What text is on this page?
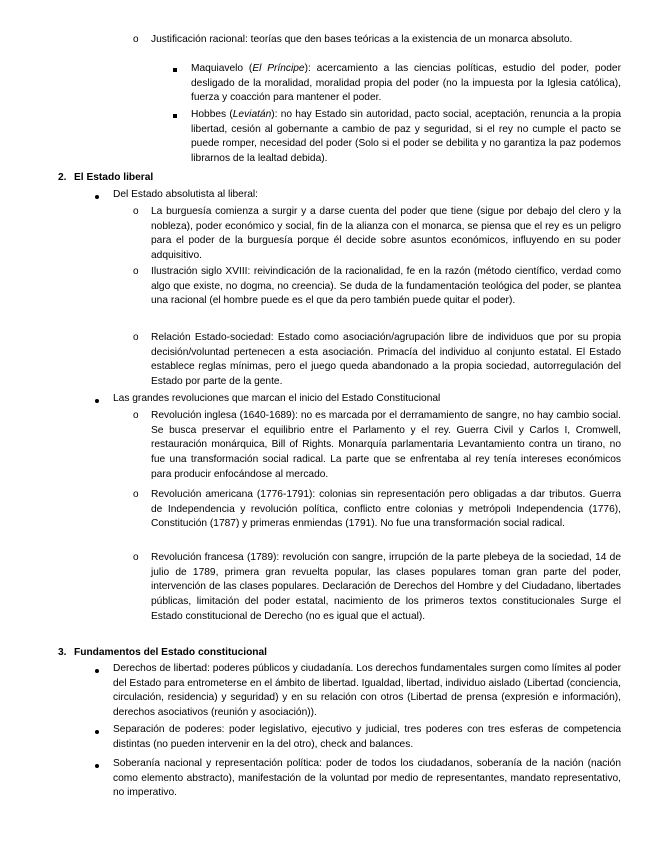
o Justificación racional: teorías que den bases teóricas a la existencia de un monarca absoluto.
Maquiavelo (El Príncipe): acercamiento a las ciencias políticas, estudio del poder, poder desligado de la moralidad, moralidad propia del poder (no la impuesta por la Iglesia católica), fuerza y coacción para mantener el poder.
Hobbes (Leviatán): no hay Estado sin autoridad, pacto social, aceptación, renuncia a la propia libertad, cesión al gobernante a cambio de paz y seguridad, si el rey no cumple el pacto se puede romper, necesidad del poder (Solo si el poder se debilita y no garantiza la paz podemos librarnos de la lealtad debida).
2. El Estado liberal
Del Estado absolutista al liberal:
o La burguesía comienza a surgir y a darse cuenta del poder que tiene (sigue por debajo del clero y la nobleza), poder económico y social, fin de la alianza con el monarca, se piensa que el rey es un peligro para el poder de la burguesía porque él decide sobre asuntos económicos, influyendo en su poder adquisitivo.
o Ilustración siglo XVIII: reivindicación de la racionalidad, fe en la razón (método científico, verdad como algo que existe, no dogma, no creencia). Se duda de la fundamentación teológica del poder, se plantea una racional (el hombre puede es el que da pero también puede quitar el poder).
o Relación Estado-sociedad: Estado como asociación/agrupación libre de individuos que por su propia decisión/voluntad pertenecen a esta asociación. Primacía del individuo al conjunto estatal. El Estado establece reglas mínimas, pero el juego queda abandonado a la propia sociedad, autorregulación del Estado por parte de la gente.
Las grandes revoluciones que marcan el inicio del Estado Constitucional
o Revolución inglesa (1640-1689): no es marcada por el derramamiento de sangre, no hay cambio social. Se busca preservar el equilibrio entre el Parlamento y el rey. Guerra Civil y Carlos I, Cromwell, restauración monárquica, Bill of Rights. Monarquía parlamentaria Levantamiento contra un tirano, no fue una transformación social radical. La parte que se enfrentaba al rey tenía intereses económicos para producir enfocándose al mercado.
o Revolución americana (1776-1791): colonias sin representación pero obligadas a dar tributos. Guerra de Independencia y revolución política, conflicto entre colonias y metrópoli Independencia (1776), Constitución (1787) y primeras enmiendas (1791). No fue una transformación social radical.
o Revolución francesa (1789): revolución con sangre, irrupción de la parte plebeya de la sociedad, 14 de julio de 1789, primera gran revuelta popular, las clases populares toman gran parte del poder, intervención de las clases populares. Declaración de Derechos del Hombre y del Ciudadano, libertades públicas, limitación del poder estatal, nacimiento de los primeros textos constitucionales Surge el Estado constitucional de Derecho (no es igual que el actual).
3. Fundamentos del Estado constitucional
Derechos de libertad: poderes públicos y ciudadanía. Los derechos fundamentales surgen como límites al poder del Estado para entrometerse en el ámbito de libertad. Igualdad, libertad, individuo aislado (Libertad (conciencia, circulación, residencia) y seguridad) y en su relación con otros (Libertad de prensa (expresión e información), derechos asociativos (reunión y asociación)).
Separación de poderes: poder legislativo, ejecutivo y judicial, tres poderes con tres esferas de competencia distintas (no pueden intervenir en la del otro), check and balances.
Soberanía nacional y representación política: poder de todos los ciudadanos, soberanía de la nación (nación como elemento abstracto), manifestación de la voluntad por medio de representantes, mandato representativo, no imperativo.
